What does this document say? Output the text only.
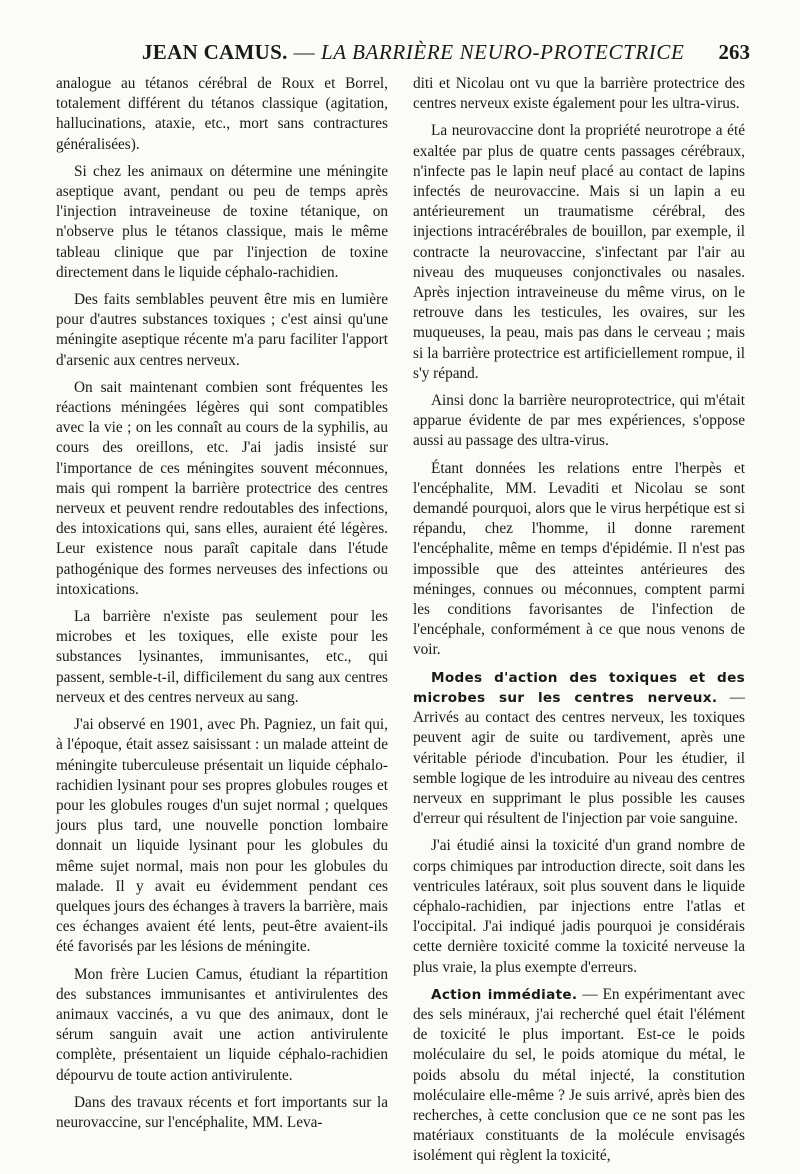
JEAN CAMUS. — LA BARRIÈRE NEURO-PROTECTRICE 263

analogue au tétanos cérébral de Roux et Borrel, totalement différent du tétanos classique (agitation, hallucinations, ataxie, etc., mort sans contractures généralisées).

Si chez les animaux on détermine une méningite aseptique avant, pendant ou peu de temps après l'injection intraveineuse de toxine tétanique, on n'observe plus le tétanos classique, mais le même tableau clinique que par l'injection de toxine directement dans le liquide céphalo-rachidien.

Des faits semblables peuvent être mis en lumière pour d'autres substances toxiques ; c'est ainsi qu'une méningite aseptique récente m'a paru faciliter l'apport d'arsenic aux centres nerveux.

On sait maintenant combien sont fréquentes les réactions méningées légères qui sont compatibles avec la vie ; on les connaît au cours de la syphilis, au cours des oreillons, etc. J'ai jadis insisté sur l'importance de ces méningites souvent méconnues, mais qui rompent la barrière protectrice des centres nerveux et peuvent rendre redoutables des infections, des intoxications qui, sans elles, auraient été légères. Leur existence nous paraît capitale dans l'étude pathogénique des formes nerveuses des infections ou intoxications.

La barrière n'existe pas seulement pour les microbes et les toxiques, elle existe pour les substances lysinantes, immunisantes, etc., qui passent, semble-t-il, difficilement du sang aux centres nerveux et des centres nerveux au sang.

J'ai observé en 1901, avec Ph. Pagniez, un fait qui, à l'époque, était assez saisissant : un malade atteint de méningite tuberculeuse présentait un liquide céphalo-rachidien lysinant pour ses propres globules rouges et pour les globules rouges d'un sujet normal ; quelques jours plus tard, une nouvelle ponction lombaire donnait un liquide lysinant pour les globules du même sujet normal, mais non pour les globules du malade. Il y avait eu évidemment pendant ces quelques jours des échanges à travers la barrière, mais ces échanges avaient été lents, peut-être avaient-ils été favorisés par les lésions de méningite.

Mon frère Lucien Camus, étudiant la répartition des substances immunisantes et antivirulentes des animaux vaccinés, a vu que des animaux, dont le sérum sanguin avait une action antivirulente complète, présentaient un liquide céphalo-rachidien dépourvu de toute action antivirulente.

Dans des travaux récents et fort importants sur la neurovaccine, sur l'encéphalite, MM. Leva-

diti et Nicolau ont vu que la barrière protectrice des centres nerveux existe également pour les ultra-virus.

La neurovaccine dont la propriété neurotrope a été exaltée par plus de quatre cents passages cérébraux, n'infecte pas le lapin neuf placé au contact de lapins infectés de neurovaccine. Mais si un lapin a eu antérieurement un traumatisme cérébral, des injections intracérébrales de bouillon, par exemple, il contracte la neurovaccine, s'infectant par l'air au niveau des muqueuses conjonctivales ou nasales. Après injection intraveineuse du même virus, on le retrouve dans les testicules, les ovaires, sur les muqueuses, la peau, mais pas dans le cerveau ; mais si la barrière protectrice est artificiellement rompue, il s'y répand.

Ainsi donc la barrière neuroprotectrice, qui m'était apparue évidente de par mes expériences, s'oppose aussi au passage des ultra-virus.

Étant données les relations entre l'herpès et l'encéphalite, MM. Levaditi et Nicolau se sont demandé pourquoi, alors que le virus herpétique est si répandu, chez l'homme, il donne rarement l'encéphalite, même en temps d'épidémie. Il n'est pas impossible que des atteintes antérieures des méninges, connues ou méconnues, comptent parmi les conditions favorisantes de l'infection de l'encéphale, conformément à ce que nous venons de voir.

Modes d'action des toxiques et des microbes sur les centres nerveux. — Arrivés au contact des centres nerveux, les toxiques peuvent agir de suite ou tardivement, après une véritable période d'incubation. Pour les étudier, il semble logique de les introduire au niveau des centres nerveux en supprimant le plus possible les causes d'erreur qui résultent de l'injection par voie sanguine.

J'ai étudié ainsi la toxicité d'un grand nombre de corps chimiques par introduction directe, soit dans les ventricules latéraux, soit plus souvent dans le liquide céphalo-rachidien, par injections entre l'atlas et l'occipital. J'ai indiqué jadis pourquoi je considérais cette dernière toxicité comme la toxicité nerveuse la plus vraie, la plus exempte d'erreurs.

Action immédiate. — En expérimentant avec des sels minéraux, j'ai recherché quel était l'élément de toxicité le plus important. Est-ce le poids moléculaire du sel, le poids atomique du métal, le poids absolu du métal injecté, la constitution moléculaire elle-même ? Je suis arrivé, après bien des recherches, à cette conclusion que ce ne sont pas les matériaux constituants de la molécule envisagés isolément qui règlent la toxicité,
